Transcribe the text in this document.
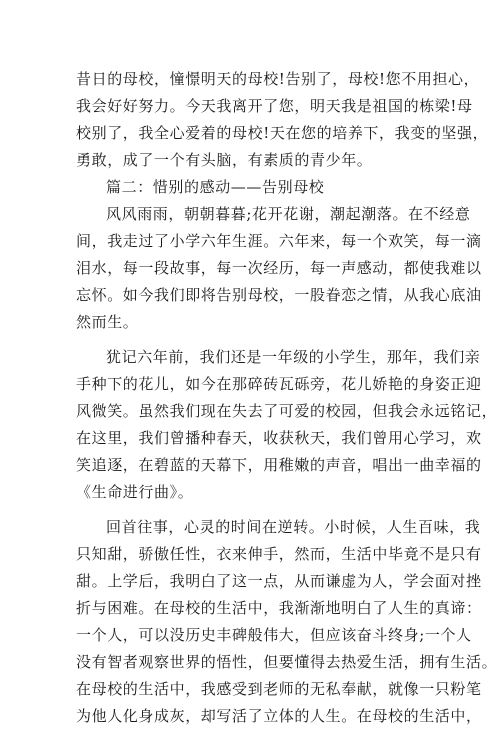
昔日的母校，憧憬明天的母校!告别了，母校!您不用担心，
我会好好努力。今天我离开了您，明天我是祖国的栋梁!母
校别了，我全心爱着的母校!天在您的培养下，我变的坚强，
勇敢，成了一个有头脑，有素质的青少年。
篇二：惜别的感动——告别母校
风风雨雨，朝朝暮暮;花开花谢，潮起潮落。在不经意
间，我走过了小学六年生涯。六年来，每一个欢笑，每一滴
泪水，每一段故事，每一次经历，每一声感动，都使我难以
忘怀。如今我们即将告别母校，一股眷恋之情，从我心底油
然而生。
犹记六年前，我们还是一年级的小学生，那年，我们亲
手种下的花儿，如今在那碎砖瓦砾旁，花儿娇艳的身姿正迎
风微笑。虽然我们现在失去了可爱的校园，但我会永远铭记，
在这里，我们曾播种春天，收获秋天，我们曾用心学习，欢
笑追逐，在碧蓝的天幕下，用稚嫩的声音，唱出一曲幸福的
《生命进行曲》。
回首往事，心灵的时间在逆转。小时候，人生百味，我
只知甜，骄傲任性，衣来伸手，然而，生活中毕竟不是只有
甜。上学后，我明白了这一点，从而谦虚为人，学会面对挫
折与困难。在母校的生活中，我渐渐地明白了人生的真谛：
一个人，可以没历史丰碑般伟大，但应该奋斗终身;一个人
没有智者观察世界的悟性，但要懂得去热爱生活，拥有生活。
在母校的生活中，我感受到老师的无私奉献，就像一只粉笔
为他人化身成灰，却写活了立体的人生。在母校的生活中，
